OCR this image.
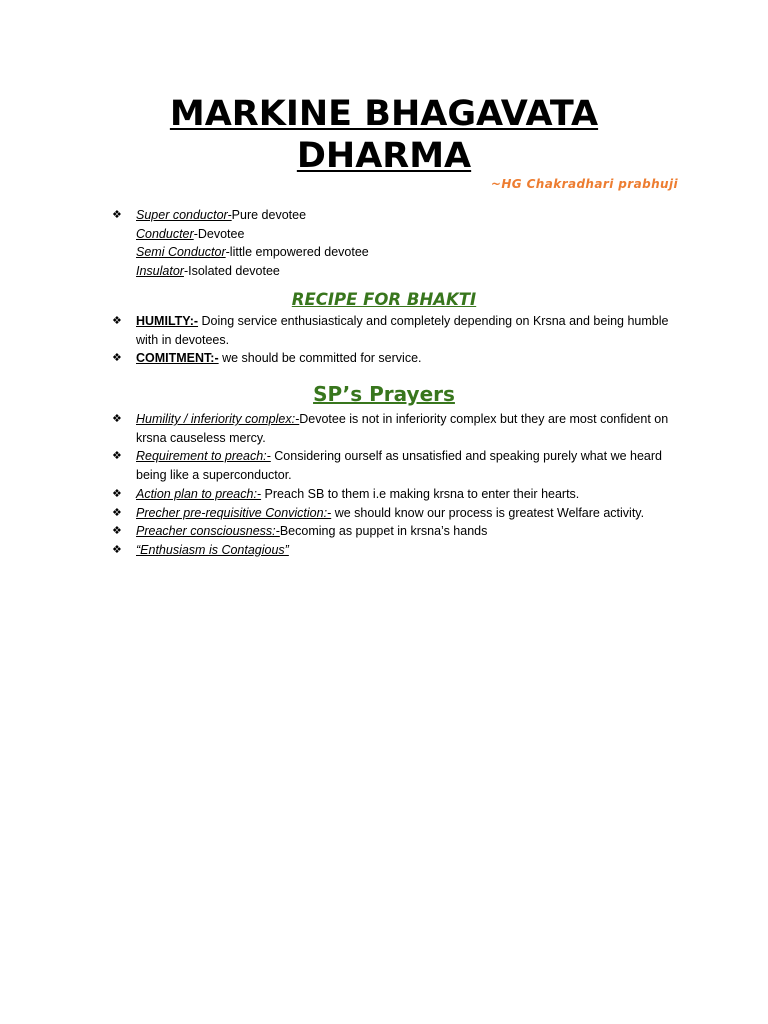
MARKINE BHAGAVATA
DHARMA
~HG Chakradhari prabhuji
❖ Super conductor-Pure devotee
Conducter-Devotee
Semi Conductor-little empowered devotee
Insulator-Isolated devotee
RECIPE FOR BHAKTI
❖ HUMILTY:- Doing service enthusiasticaly and completely depending on Krsna and being humble with in devotees.
❖ COMITMENT:- we should be committed for service.
SP’s Prayers
❖ Humility / inferiority complex:-Devotee is not in inferiority complex but they are most confident on krsna causeless mercy.
❖ Requirement to preach:- Considering ourself as unsatisfied and speaking purely what we heard being like a superconductor.
❖ Action plan to preach:- Preach SB to them i.e making krsna to enter their hearts.
❖ Precher pre-requisitive Conviction:- we should know our process is greatest Welfare activity.
❖ Preacher consciousness:-Becoming as puppet in krsna’s hands
❖ “Enthusiasm is Contagious”
